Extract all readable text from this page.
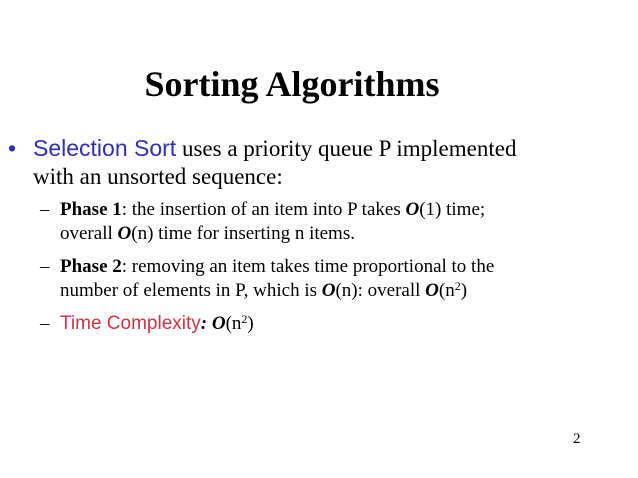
Sorting Algorithms
• Selection Sort uses a priority queue P implemented
with an unsorted sequence:
– Phase 1: the insertion of an item into P takes O(1) time;
overall O(n) time for inserting n items.
– Phase 2: removing an item takes time proportional to the
number of elements in P, which is O(n): overall $O(n^2)$
– Time Complexity: $O(n^2)$
2
